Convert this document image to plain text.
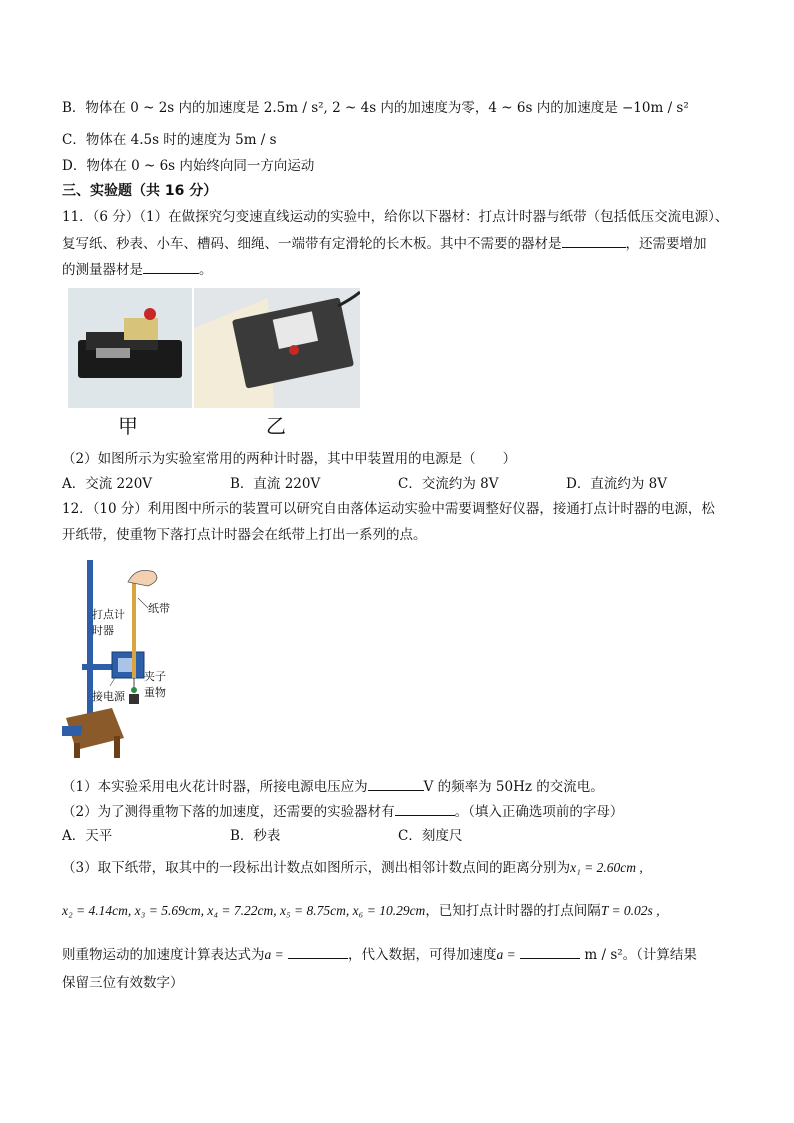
B．物体在 0 ~ 2s 内的加速度是 2.5m / s², 2 ~ 4s 内的加速度为零，4 ~ 6s 内的加速度是 −10m / s²
C．物体在 4.5s 时的速度为 5m / s
D．物体在 0 ~ 6s 内始终向同一方向运动
三、实验题（共 16 分）
11．（6 分）（1）在做探究匀变速直线运动的实验中，给你以下器材：打点计时器与纸带（包括低压交流电源）、
复写纸、秒表、小车、槽码、细绳、一端带有定滑轮的长木板。其中不需要的器材是	，还需要增加
的测量器材是	。
甲	乙
（2）如图所示为实验室常用的两种计时器，其中甲装置用的电源是（　　）
A．交流 220V	B．直流 220V	C．交流约为 8V	D．直流约为 8V
12．（10 分）利用图中所示的装置可以研究自由落体运动实验中需要调整好仪器，接通打点计时器的电源，松
开纸带，使重物下落打点计时器会在纸带上打出一系列的点。
打点计
时器
纸带
夹子
重物
接电源
（1）本实验采用电火花计时器，所接电源电压应为	V 的频率为 50Hz 的交流电。
（2）为了测得重物下落的加速度，还需要的实验器材有	。（填入正确选项前的字母）
A．天平	B．秒表	C．刻度尺
（3）取下纸带，取其中的一段标出计数点如图所示，测出相邻计数点间的距离分别为x₁ = 2.60cm ,
x₂ = 4.14cm, x₃ = 5.69cm, x₄ = 7.22cm, x₅ = 8.75cm, x₆ = 10.29cm，已知打点计时器的打点间隔T = 0.02s ,
则重物运动的加速度计算表达式为a =	，代入数据，可得加速度a =	m / s²。（计算结果
保留三位有效数字）
